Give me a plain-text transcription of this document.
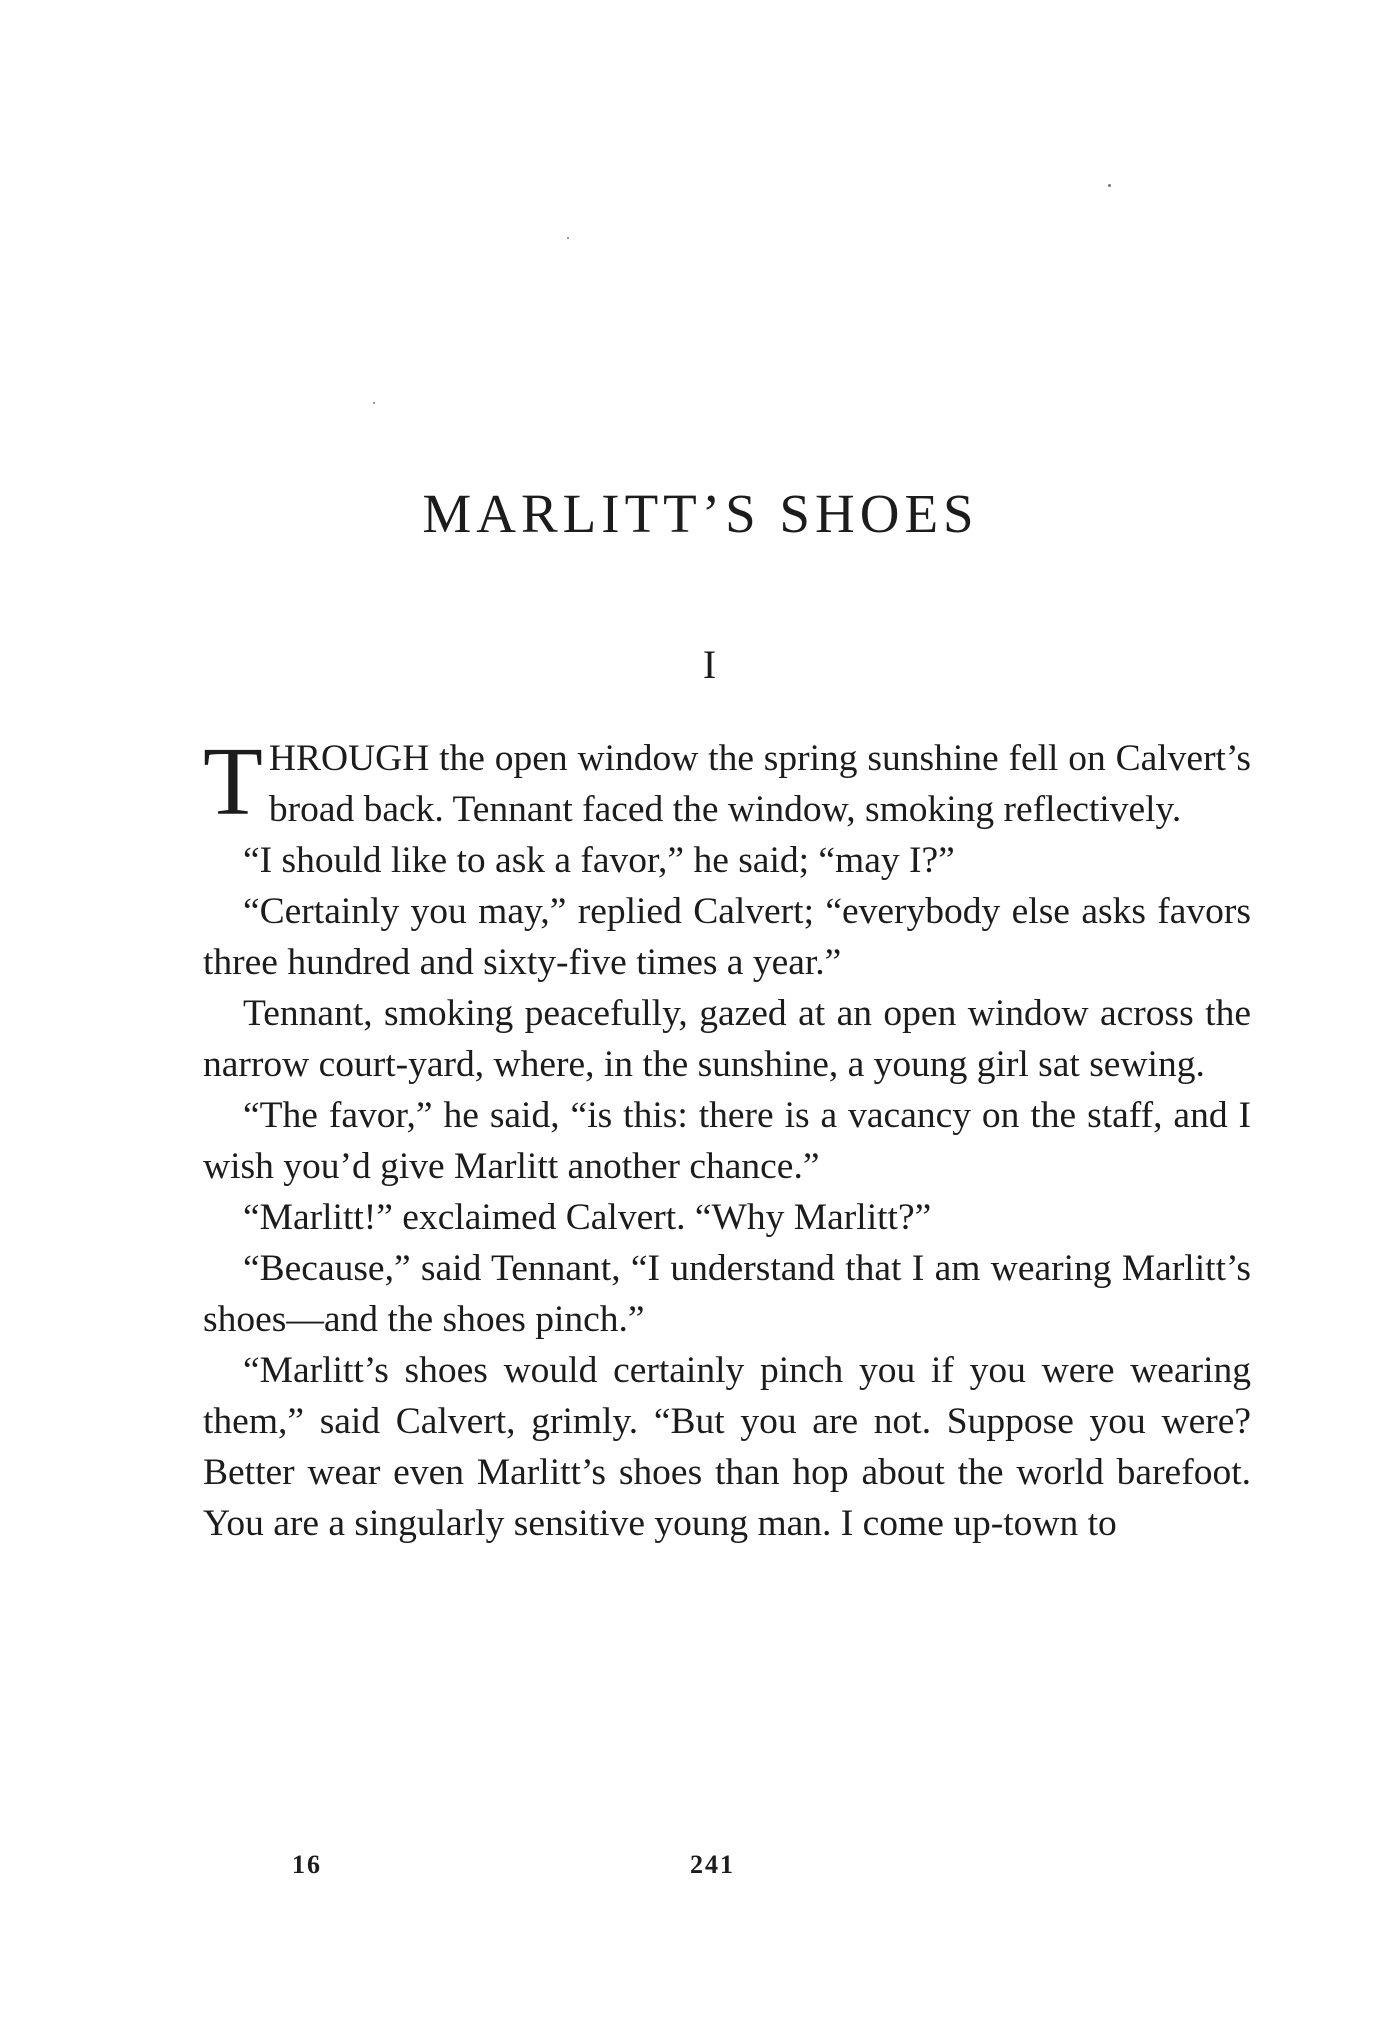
MARLITT’S SHOES
I

THROUGH the open window the spring sunshine fell on Calvert’s broad back. Tennant faced the window, smoking reflectively.

“I should like to ask a favor,” he said; “may I?”

“Certainly you may,” replied Calvert; “everybody else asks favors three hundred and sixty-five times a year.”

Tennant, smoking peacefully, gazed at an open window across the narrow court-yard, where, in the sunshine, a young girl sat sewing.

“The favor,” he said, “is this: there is a vacancy on the staff, and I wish you’d give Marlitt another chance.”

“Marlitt!” exclaimed Calvert. “Why Marlitt?”

“Because,” said Tennant, “I understand that I am wearing Marlitt’s shoes—and the shoes pinch.”

“Marlitt’s shoes would certainly pinch you if you were wearing them,” said Calvert, grimly. “But you are not. Suppose you were? Better wear even Marlitt’s shoes than hop about the world barefoot. You are a singularly sensitive young man. I come up-town to

16	241
